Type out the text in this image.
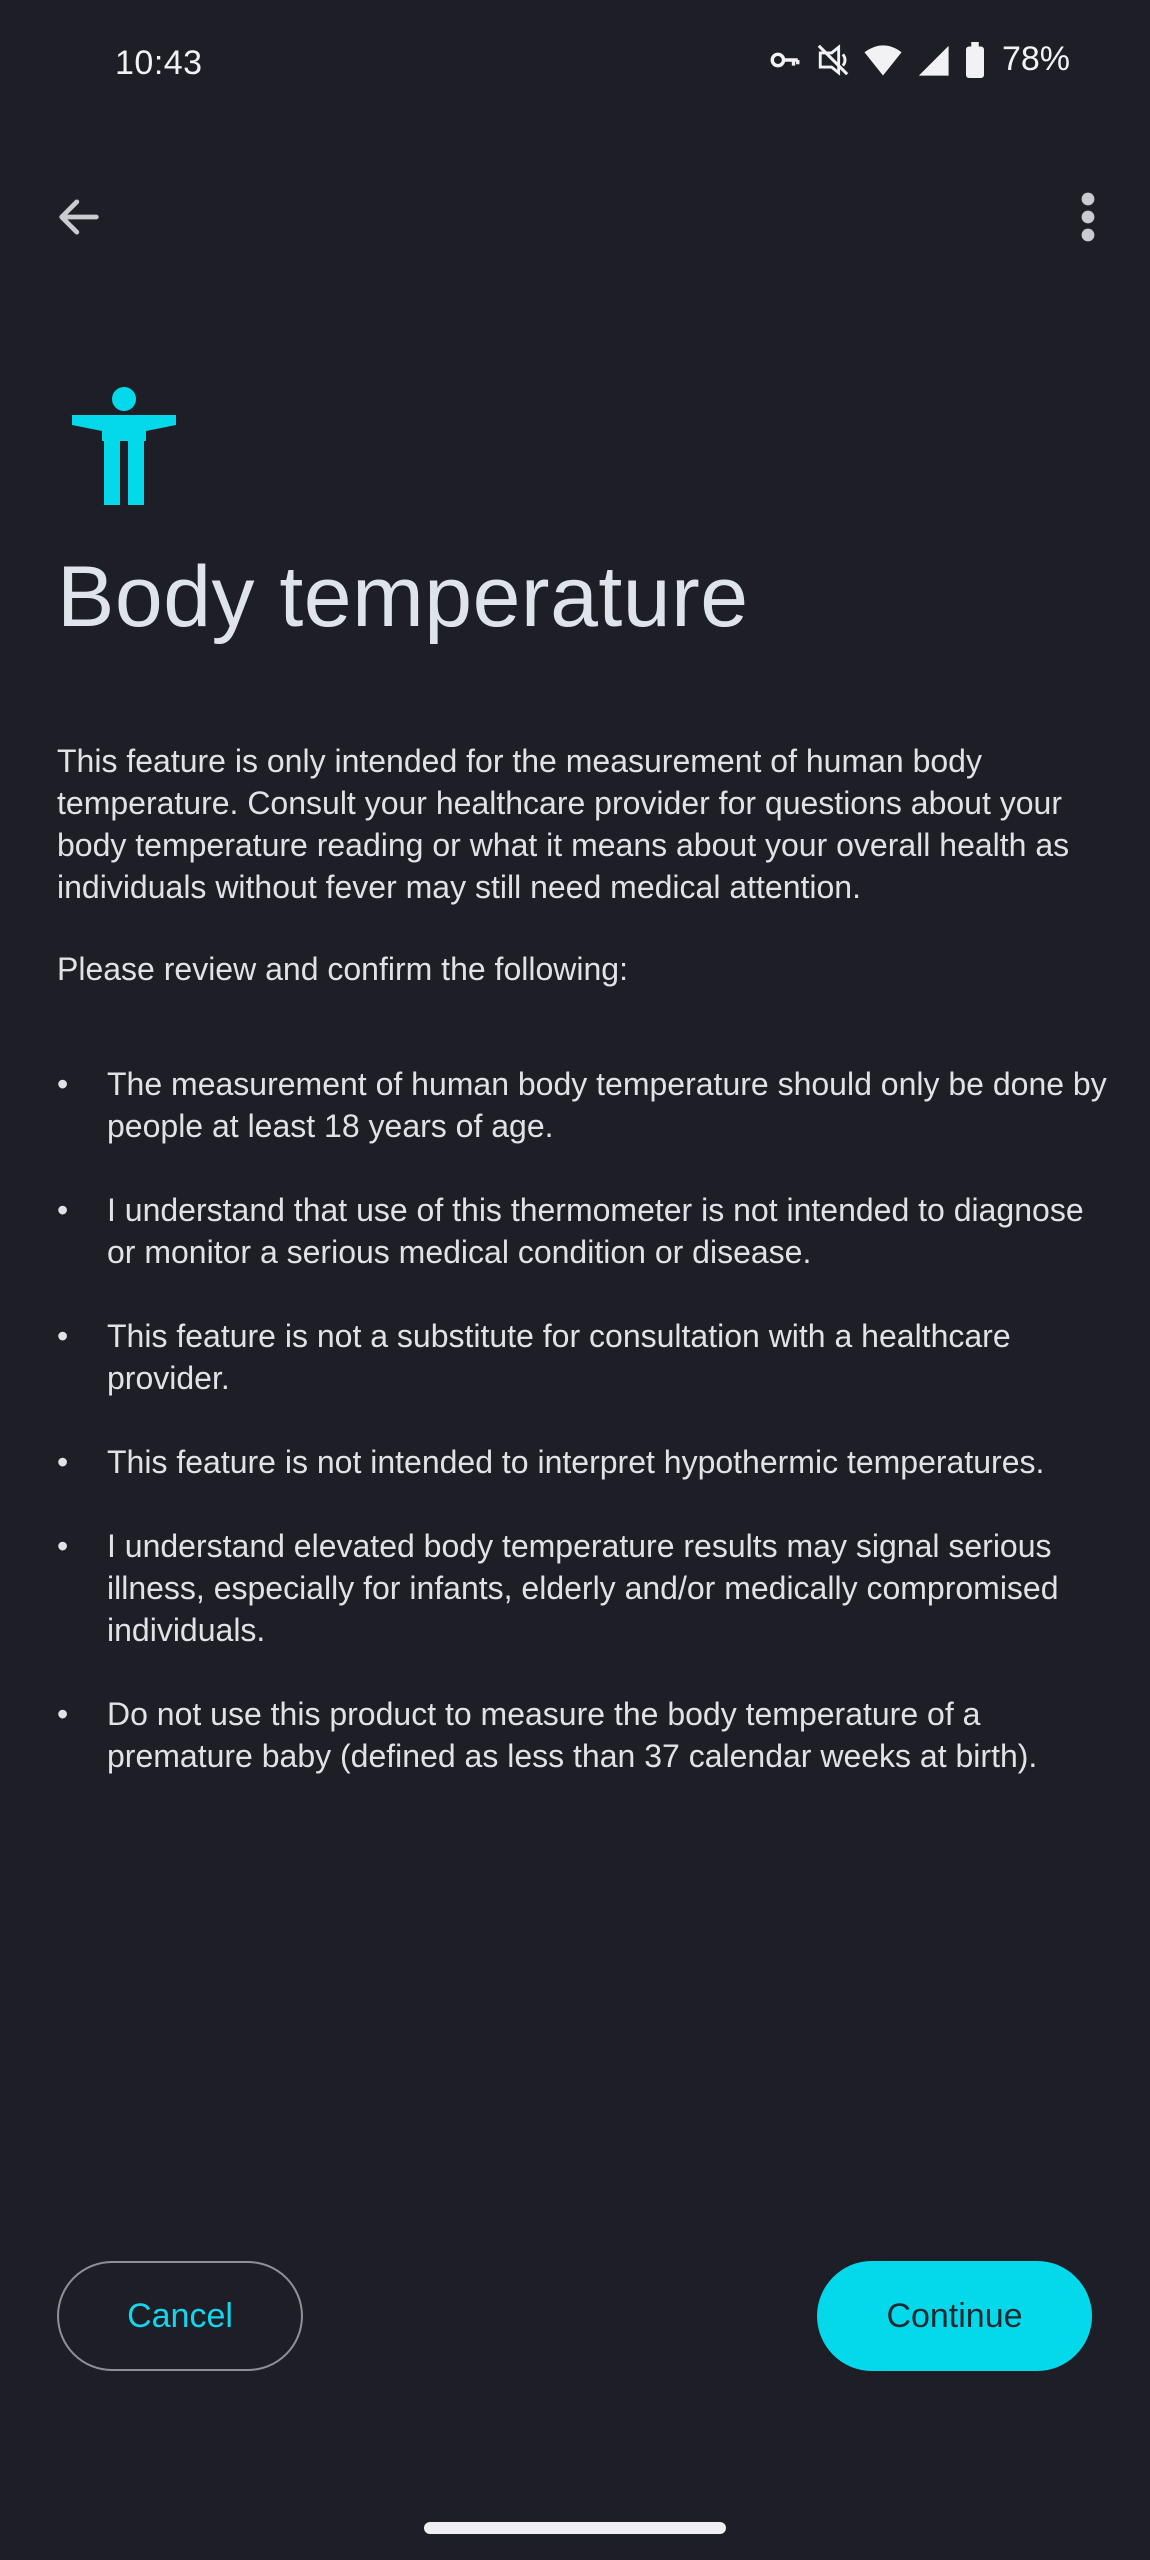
10:43	78%
Body temperature

This feature is only intended for the measurement of human body temperature. Consult your healthcare provider for questions about your body temperature reading or what it means about your overall health as individuals without fever may still need medical attention.

Please review and confirm the following:

• The measurement of human body temperature should only be done by people at least 18 years of age.
• I understand that use of this thermometer is not intended to diagnose or monitor a serious medical condition or disease.
• This feature is not a substitute for consultation with a healthcare provider.
• This feature is not intended to interpret hypothermic temperatures.
• I understand elevated body temperature results may signal serious illness, especially for infants, elderly and/or medically compromised individuals.
• Do not use this product to measure the body temperature of a premature baby (defined as less than 37 calendar weeks at birth).
Cancel	Continue
